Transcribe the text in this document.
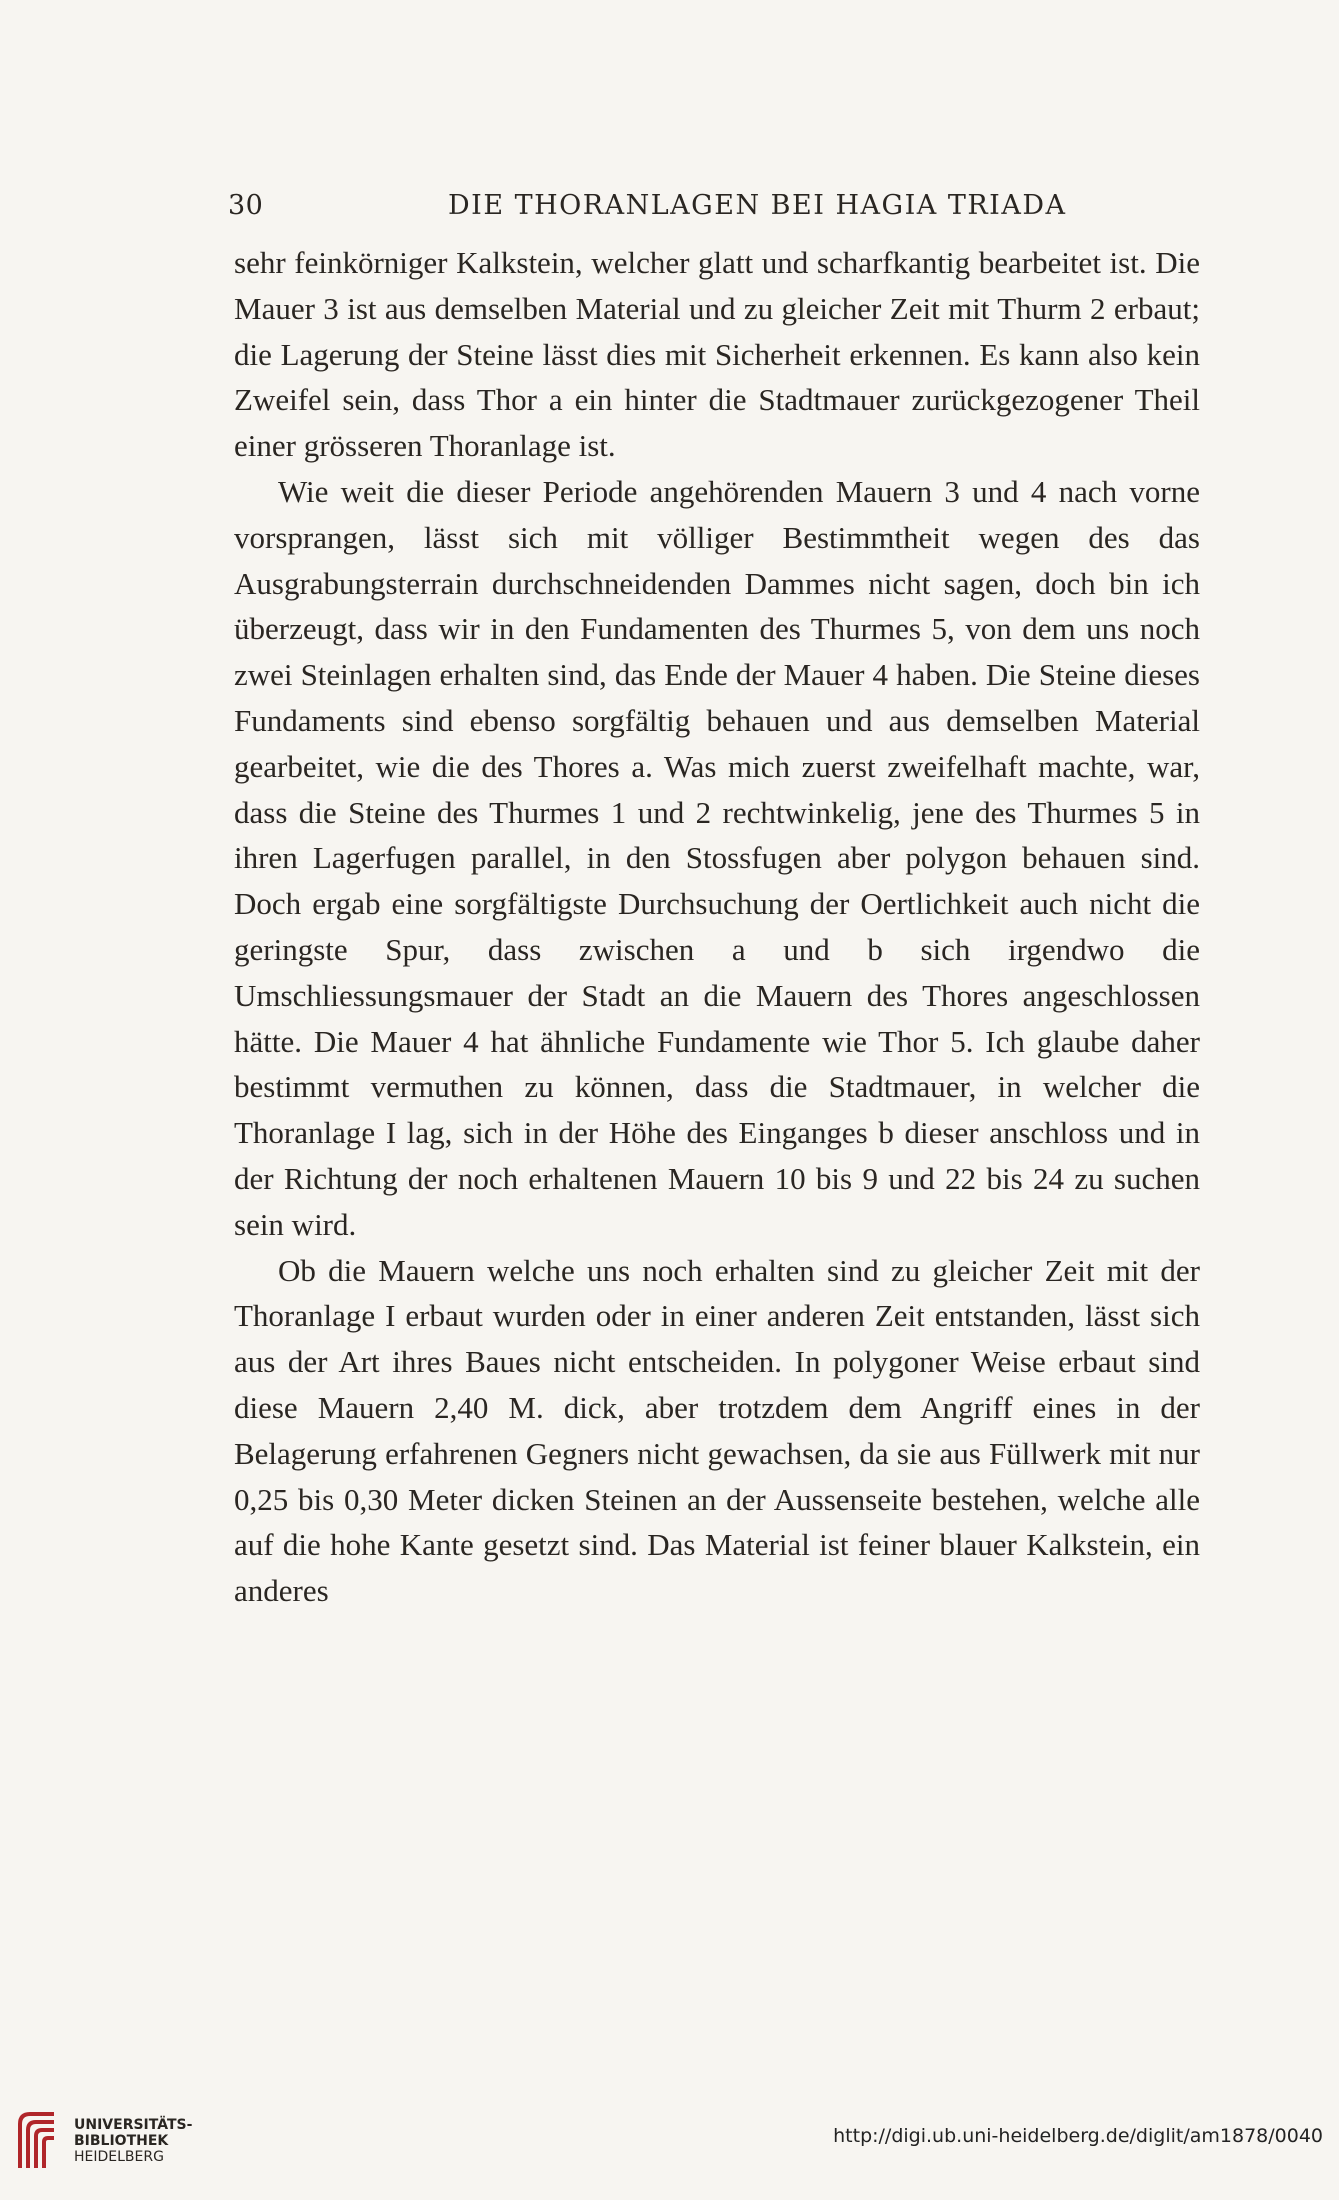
30	DIE THORANLAGEN BEI HAGIA TRIADA

sehr feinkörniger Kalkstein, welcher glatt und scharfkantig bearbeitet ist. Die Mauer 3 ist aus demselben Material und zu gleicher Zeit mit Thurm 2 erbaut; die Lagerung der Steine lässt dies mit Sicherheit erkennen. Es kann also kein Zweifel sein, dass Thor a ein hinter die Stadtmauer zurückgezogener Theil einer grösseren Thoranlage ist.

Wie weit die dieser Periode angehörenden Mauern 3 und 4 nach vorne vorsprangen, lässt sich mit völliger Bestimmtheit wegen des das Ausgrabungsterrain durchschneidenden Dammes nicht sagen, doch bin ich überzeugt, dass wir in den Fundamenten des Thurmes 5, von dem uns noch zwei Steinlagen erhalten sind, das Ende der Mauer 4 haben. Die Steine dieses Fundaments sind ebenso sorgfältig behauen und aus demselben Material gearbeitet, wie die des Thores a. Was mich zuerst zweifelhaft machte, war, dass die Steine des Thurmes 1 und 2 rechtwinkelig, jene des Thurmes 5 in ihren Lagerfugen parallel, in den Stossfugen aber polygon behauen sind. Doch ergab eine sorgfältigste Durchsuchung der Oertlichkeit auch nicht die geringste Spur, dass zwischen a und b sich irgendwo die Umschliessungsmauer der Stadt an die Mauern des Thores angeschlossen hätte. Die Mauer 4 hat ähnliche Fundamente wie Thor 5. Ich glaube daher bestimmt vermuthen zu können, dass die Stadtmauer, in welcher die Thoranlage I lag, sich in der Höhe des Einganges b dieser anschloss und in der Richtung der noch erhaltenen Mauern 10 bis 9 und 22 bis 24 zu suchen sein wird.

Ob die Mauern welche uns noch erhalten sind zu gleicher Zeit mit der Thoranlage I erbaut wurden oder in einer anderen Zeit entstanden, lässt sich aus der Art ihres Baues nicht entscheiden. In polygoner Weise erbaut sind diese Mauern 2,40 M. dick, aber trotzdem dem Angriff eines in der Belagerung erfahrenen Gegners nicht gewachsen, da sie aus Füllwerk mit nur 0,25 bis 0,30 Meter dicken Steinen an der Aussenseite bestehen, welche alle auf die hohe Kante gesetzt sind. Das Material ist feiner blauer Kalkstein, ein anderes

UNIVERSITÄTS-
BIBLIOTHEK
HEIDELBERG
http://digi.ub.uni-heidelberg.de/diglit/am1878/0040
